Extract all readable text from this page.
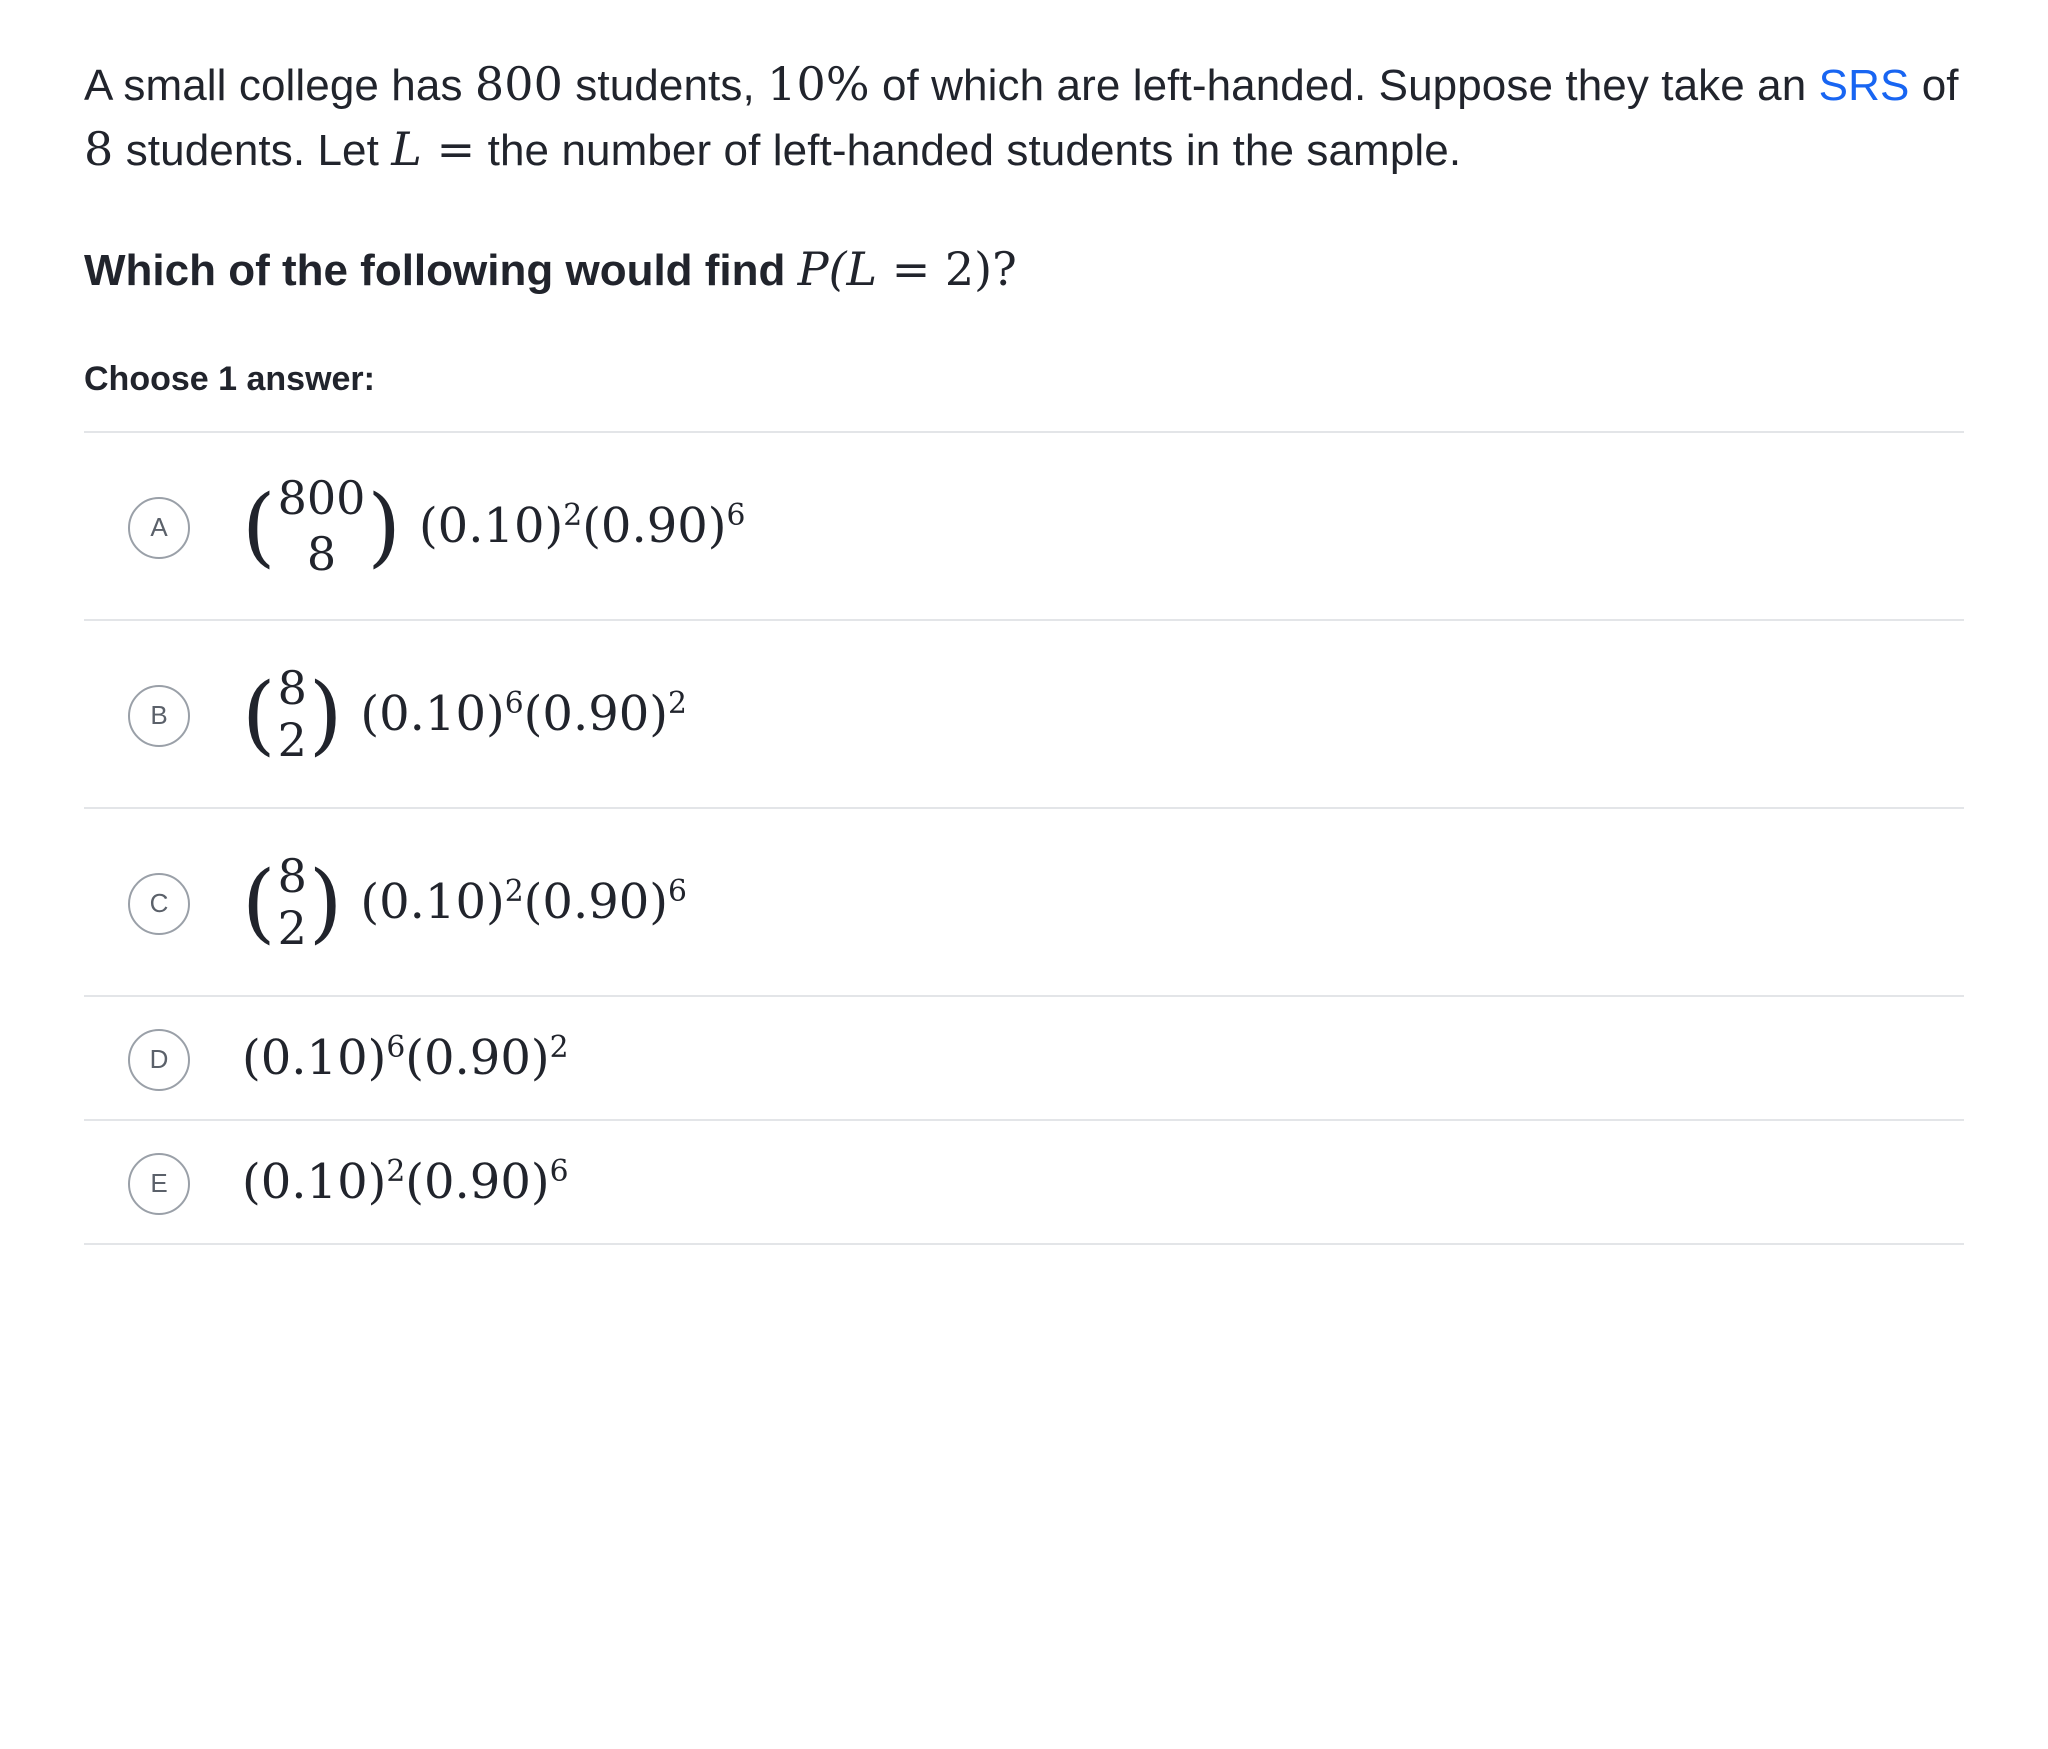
A small college has 800 students, 10% of which are left-handed. Suppose they take an SRS of 8 students. Let L = the number of left-handed students in the sample.
Which of the following would find P(L = 2)?
Choose 1 answer:
A ( 800
8 ) $(0.10)^2(0.90)^6$
B ( 8
2 ) $(0.10)^6(0.90)^2$
C ( 8
2 ) $(0.10)^2(0.90)^6$
D $(0.10)^6(0.90)^2$
E $(0.10)^2(0.90)^6$
